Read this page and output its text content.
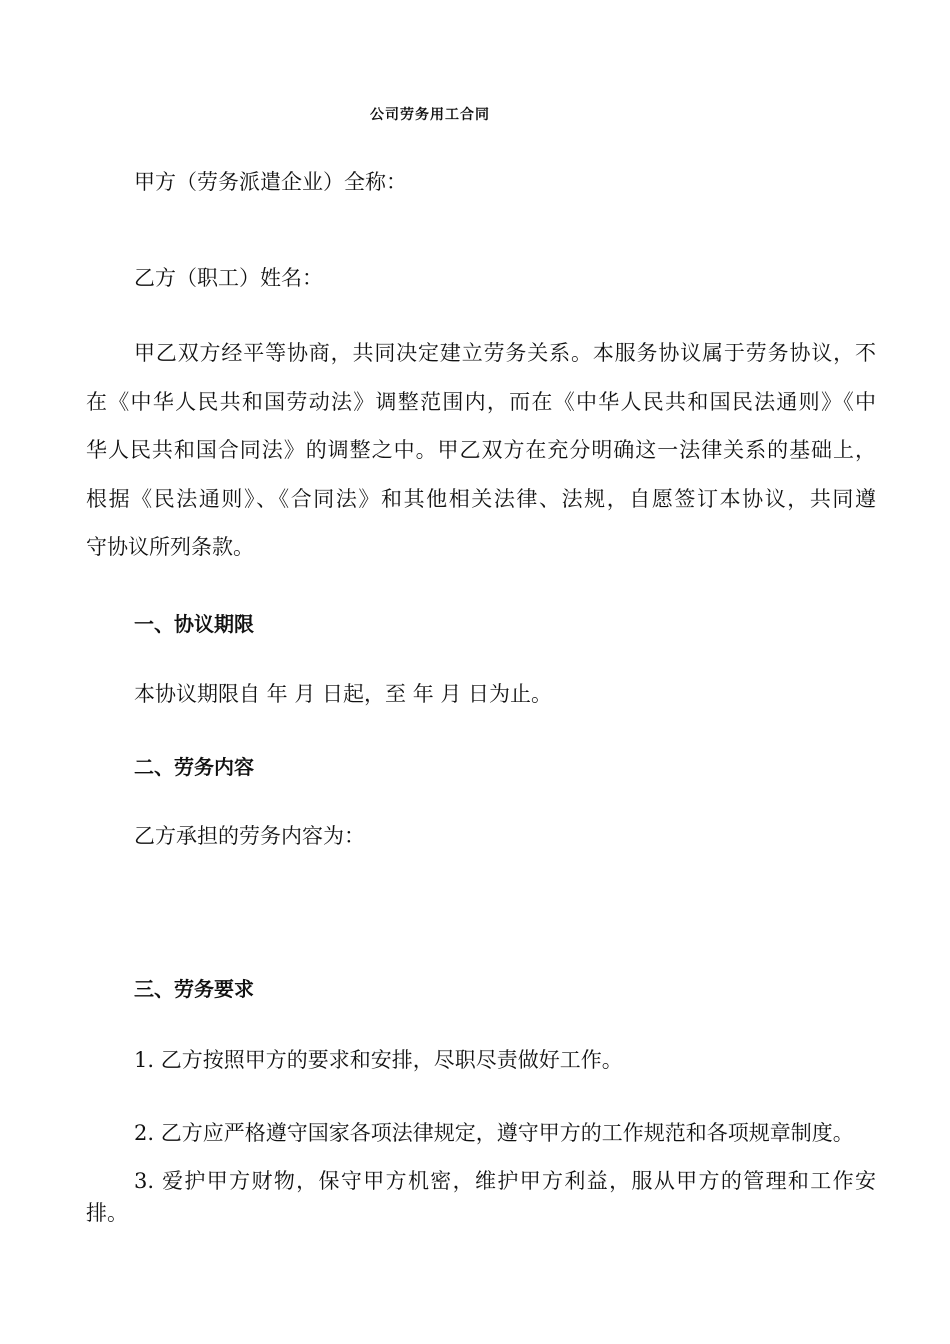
公司劳务用工合同
甲方（劳务派遣企业）全称：
乙方（职工）姓名：
甲乙双方经平等协商，共同决定建立劳务关系。本服务协议属于劳务协议，不
在《中华人民共和国劳动法》调整范围内，而在《中华人民共和国民法通则》《中
华人民共和国合同法》的调整之中。甲乙双方在充分明确这一法律关系的基础上，
根据《民法通则》、《合同法》和其他相关法律、法规，自愿签订本协议，共同遵
守协议所列条款。
一、协议期限
本协议期限自 年 月 日起，至 年 月 日为止。
二、劳务内容
乙方承担的劳务内容为：
三、劳务要求
1. 乙方按照甲方的要求和安排，尽职尽责做好工作。
2. 乙方应严格遵守国家各项法律规定，遵守甲方的工作规范和各项规章制度。
3. 爱护甲方财物，保守甲方机密，维护甲方利益，服从甲方的管理和工作安
排。
